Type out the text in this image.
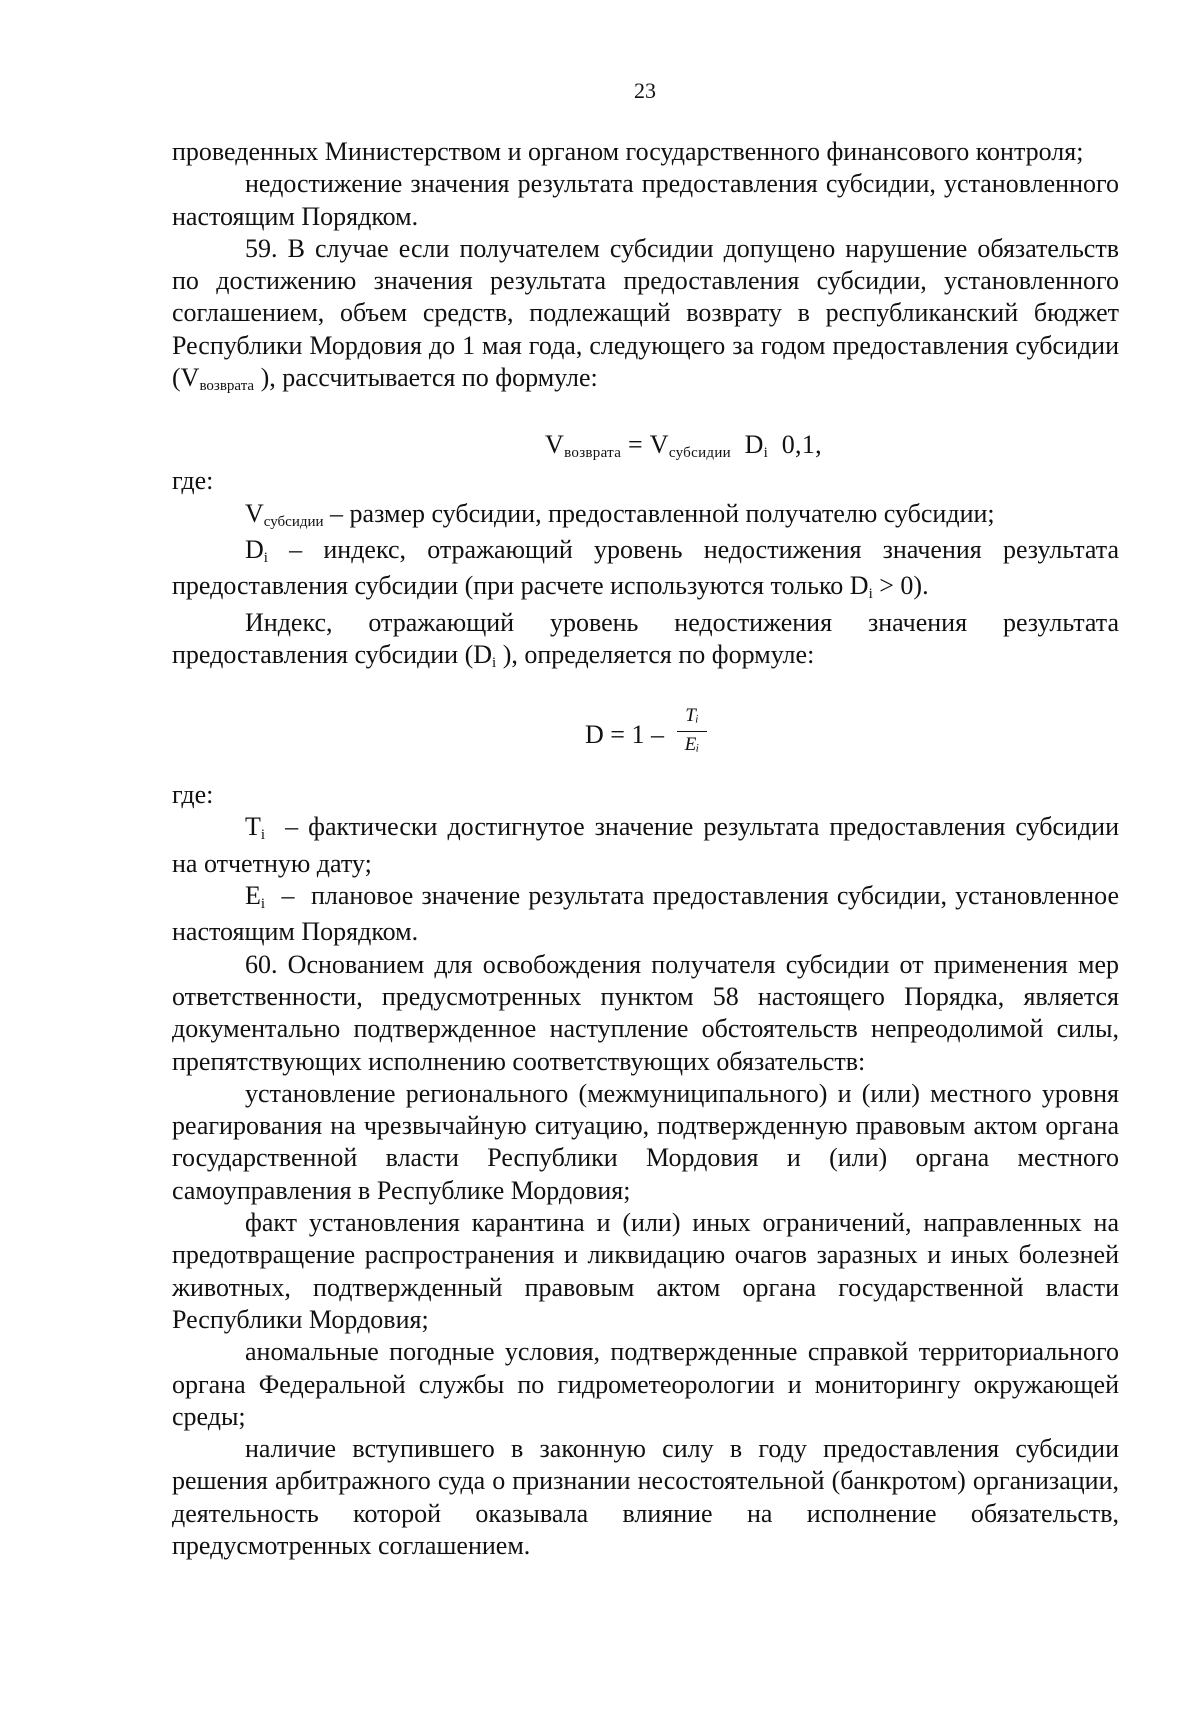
23

проведенных Министерством и органом государственного финансового контроля;

недостижение значения результата предоставления субсидии, установленного настоящим Порядком.

59. В случае если получателем субсидии допущено нарушение обязательств по достижению значения результата предоставления субсидии, установленного соглашением, объем средств, подлежащий возврату в республиканский бюджет Республики Мордовия до 1 мая года, следующего за годом предоставления субсидии (Vвозврата ), рассчитывается по формуле:

Vвозврата = Vсубсидии  Di  0,1,

где:

Vсубсидии – размер субсидии, предоставленной получателю субсидии;

Di – индекс, отражающий уровень недостижения значения результата предоставления субсидии (при расчете используются только Di > 0).

Индекс, отражающий уровень недостижения значения результата предоставления субсидии (Di ), определяется по формуле:

D = 1 –
Tᵢ
Eᵢ

где:

Ti  – фактически достигнутое значение результата предоставления субсидии на отчетную дату;

Ei  –  плановое значение результата предоставления субсидии, установленное настоящим Порядком.

60. Основанием для освобождения получателя субсидии от применения мер ответственности, предусмотренных пунктом 58 настоящего Порядка, является документально подтвержденное наступление обстоятельств непреодолимой силы, препятствующих исполнению соответствующих обязательств:

установление регионального (межмуниципального) и (или) местного уровня реагирования на чрезвычайную ситуацию, подтвержденную правовым актом органа государственной власти Республики Мордовия и (или) органа местного самоуправления в Республике Мордовия;

факт установления карантина и (или) иных ограничений, направленных на предотвращение распространения и ликвидацию очагов заразных и иных болезней животных, подтвержденный правовым актом органа государственной власти Республики Мордовия;

аномальные погодные условия, подтвержденные справкой территориального органа Федеральной службы по гидрометеорологии и мониторингу окружающей среды;

наличие вступившего в законную силу в году предоставления субсидии решения арбитражного суда о признании несостоятельной (банкротом) организации, деятельность которой оказывала влияние на исполнение обязательств, предусмотренных соглашением.
